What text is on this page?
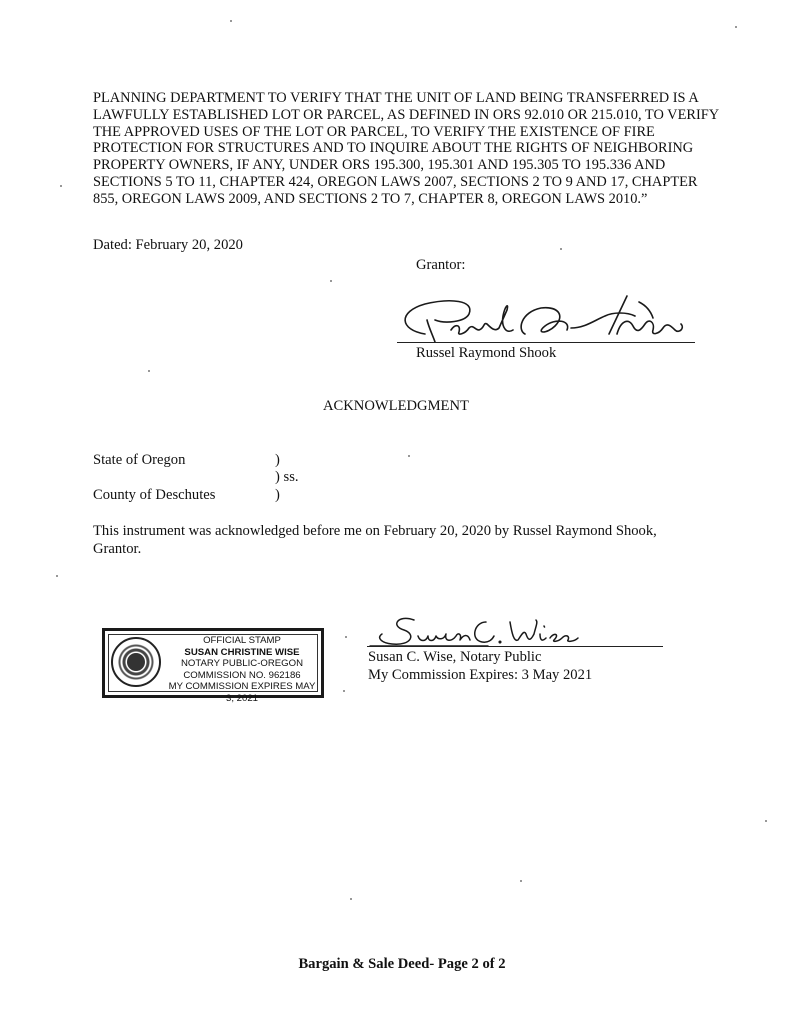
PLANNING DEPARTMENT TO VERIFY THAT THE UNIT OF LAND BEING TRANSFERRED IS A
LAWFULLY ESTABLISHED LOT OR PARCEL, AS DEFINED IN ORS 92.010 OR 215.010, TO VERIFY
THE APPROVED USES OF THE LOT OR PARCEL, TO VERIFY THE EXISTENCE OF FIRE
PROTECTION FOR STRUCTURES AND TO INQUIRE ABOUT THE RIGHTS OF NEIGHBORING
PROPERTY OWNERS, IF ANY, UNDER ORS 195.300, 195.301 AND 195.305 TO 195.336 AND
SECTIONS 5 TO 11, CHAPTER 424, OREGON LAWS 2007, SECTIONS 2 TO 9 AND 17, CHAPTER
855, OREGON LAWS 2009, AND SECTIONS 2 TO 7, CHAPTER 8, OREGON LAWS 2010.”
Dated: February 20, 2020
Grantor:
Russel Raymond Shook
ACKNOWLEDGMENT
State of Oregon	)
) ss.
County of Deschutes	)
This instrument was acknowledged before me on February 20, 2020 by Russel Raymond Shook,
Grantor.
OFFICIAL STAMP
SUSAN CHRISTINE WISE
NOTARY PUBLIC-OREGON
COMMISSION NO. 962186
MY COMMISSION EXPIRES MAY 3, 2021
Susan C. Wise, Notary Public
My Commission Expires: 3 May 2021
Bargain & Sale Deed- Page 2 of 2
